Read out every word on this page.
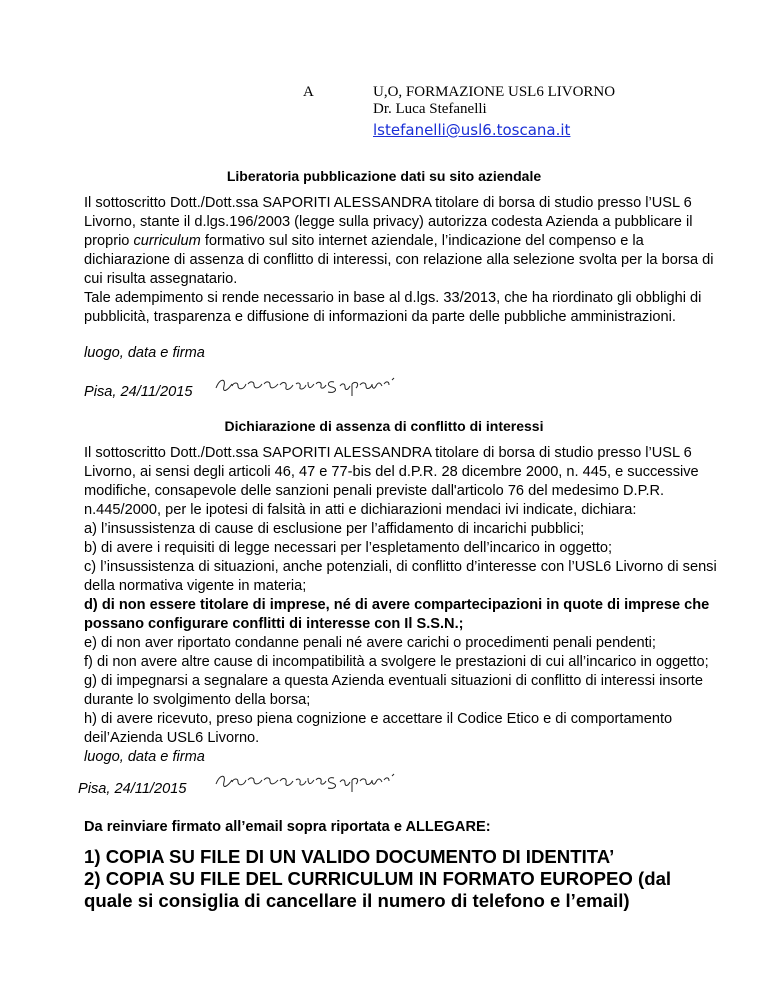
A	U,O, FORMAZIONE USL6 LIVORNO
Dr. Luca Stefanelli
lstefanelli@usl6.toscana.it
Liberatoria pubblicazione dati su sito aziendale

Il sottoscritto Dott./Dott.ssa SAPORITI ALESSANDRA titolare di borsa di studio presso l’USL 6 Livorno, stante il d.lgs.196/2003 (legge sulla privacy) autorizza codesta Azienda a pubblicare il proprio curriculum formativo sul sito internet aziendale, l’indicazione del compenso e la dichiarazione di assenza di conflitto di interessi, con relazione alla selezione svolta per la borsa di cui risulta assegnatario.

Tale adempimento si rende necessario in base al d.lgs. 33/2013, che ha riordinato gli obblighi di pubblicità, trasparenza e diffusione di informazioni da parte delle pubbliche amministrazioni.

luogo, data e firma
Pisa, 24/11/2015
Dichiarazione di assenza di conflitto di interessi

Il sottoscritto Dott./Dott.ssa SAPORITI ALESSANDRA titolare di borsa di studio presso l’USL 6 Livorno, ai sensi degli articoli 46, 47 e 77-bis del d.P.R. 28 dicembre 2000, n. 445, e successive modifiche, consapevole delle sanzioni penali previste dall'articolo 76 del medesimo D.P.R. n.445/2000, per le ipotesi di falsità in atti e dichiarazioni mendaci ivi indicate, dichiara:

a) l’insussistenza di cause di esclusione per l’affidamento di incarichi pubblici;

b) di avere i requisiti di legge necessari per l’espletamento dell’incarico in oggetto;

c) l’insussistenza di situazioni, anche potenziali, di conflitto d’interesse con l’USL6 Livorno di sensi della normativa vigente in materia;

d) di non essere titolare di imprese, né di avere compartecipazioni in quote di imprese che possano configurare conflitti di interesse con Il S.S.N.;

e) di non aver riportato condanne penali né avere carichi o procedimenti penali pendenti;

f) di non avere altre cause di incompatibilità a svolgere le prestazioni di cui all’incarico in oggetto;

g) di impegnarsi a segnalare a questa Azienda eventuali situazioni di conflitto di interessi insorte durante lo svolgimento della borsa;

h) di avere ricevuto, preso piena cognizione e accettare il Codice Etico e di comportamento deil’Azienda USL6 Livorno.

luogo, data e firma

Pisa, 24/11/2015
Da reinviare firmato all’email sopra riportata e ALLEGARE:

1) COPIA SU FILE DI UN VALIDO DOCUMENTO DI IDENTITA’

2) COPIA SU FILE DEL CURRICULUM IN FORMATO EUROPEO (dal quale si consiglia di cancellare il numero di telefono e l’email)
